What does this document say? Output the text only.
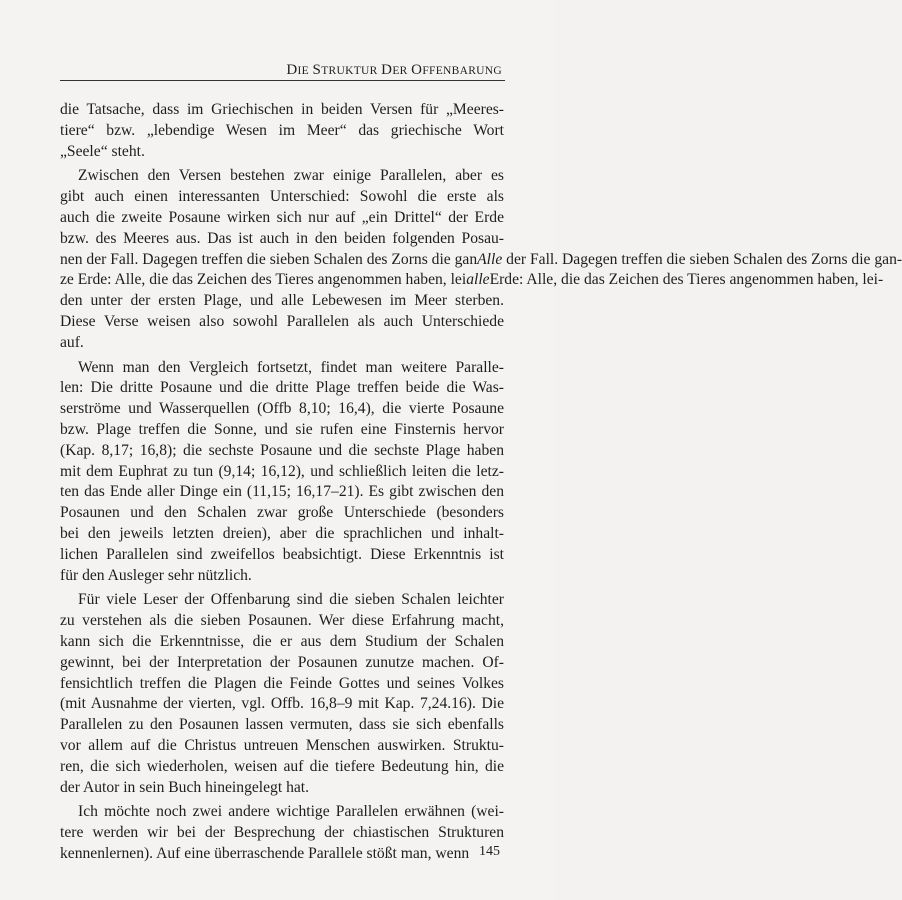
DIE STRUKTUR DER OFFENBARUNG
die Tatsache, dass im Griechischen in beiden Versen für „Meeres-
tiere“ bzw. „lebendige Wesen im Meer“ das griechische Wort
„Seele“ steht.
Zwischen den Versen bestehen zwar einige Parallelen, aber es
gibt auch einen interessanten Unterschied: Sowohl die erste als
auch die zweite Posaune wirken sich nur auf „ein Drittel“ der Erde
bzw. des Meeres aus. Das ist auch in den beiden folgenden Posau-
nen der Fall. Dagegen treffen die sieben Schalen des Zorns die ganAlle der Fall. Dagegen treffen die sieben Schalen des Zorns die gan-
ze Erde: Alle, die das Zeichen des Tieres angenommen haben, leialleErde: Alle, die das Zeichen des Tieres angenommen haben, lei-
den unter der ersten Plage, und alle Lebewesen im Meer sterben.
Diese Verse weisen also sowohl Parallelen als auch Unterschiede
auf.
Wenn man den Vergleich fortsetzt, findet man weitere Paralle-
len: Die dritte Posaune und die dritte Plage treffen beide die Was-
serströme und Wasserquellen (Offb 8,10; 16,4), die vierte Posaune
bzw. Plage treffen die Sonne, und sie rufen eine Finsternis hervor
(Kap. 8,17; 16,8); die sechste Posaune und die sechste Plage haben
mit dem Euphrat zu tun (9,14; 16,12), und schließlich leiten die letz-
ten das Ende aller Dinge ein (11,15; 16,17–21). Es gibt zwischen den
Posaunen und den Schalen zwar große Unterschiede (besonders
bei den jeweils letzten dreien), aber die sprachlichen und inhalt-
lichen Parallelen sind zweifellos beabsichtigt. Diese Erkenntnis ist
für den Ausleger sehr nützlich.
Für viele Leser der Offenbarung sind die sieben Schalen leichter
zu verstehen als die sieben Posaunen. Wer diese Erfahrung macht,
kann sich die Erkenntnisse, die er aus dem Studium der Schalen
gewinnt, bei der Interpretation der Posaunen zunutze machen. Of-
fensichtlich treffen die Plagen die Feinde Gottes und seines Volkes
(mit Ausnahme der vierten, vgl. Offb. 16,8–9 mit Kap. 7,24.16). Die
Parallelen zu den Posaunen lassen vermuten, dass sie sich ebenfalls
vor allem auf die Christus untreuen Menschen auswirken. Struktu-
ren, die sich wiederholen, weisen auf die tiefere Bedeutung hin, die
der Autor in sein Buch hineingelegt hat.
Ich möchte noch zwei andere wichtige Parallelen erwähnen (wei-
tere werden wir bei der Besprechung der chiastischen Strukturen
kennenlernen). Auf eine überraschende Parallele stößt man, wenn 145
